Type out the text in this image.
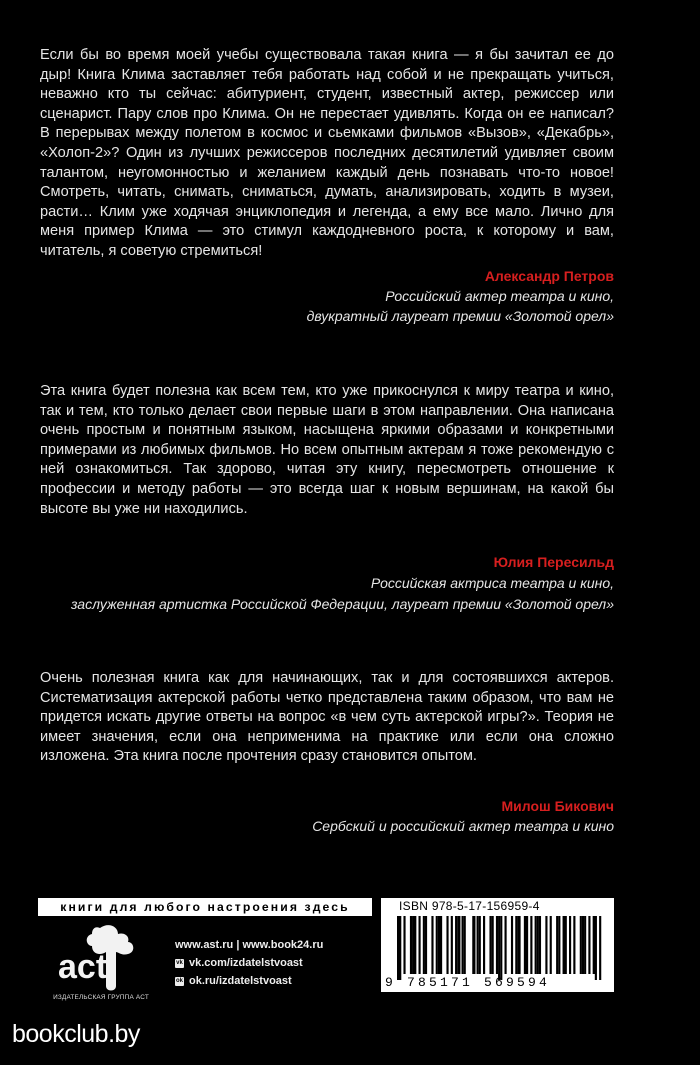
Если бы во время моей учебы существовала такая книга — я бы зачитал ее до дыр! Книга Клима заставляет тебя работать над собой и не прекращать учиться, неважно кто ты сейчас: абитуриент, студент, известный актер, режиссер или сценарист. Пару слов про Клима. Он не перестает удивлять. Когда он ее написал? В перерывах между полетом в космос и сьемками фильмов «Вызов», «Декабрь», «Холоп-2»? Один из лучших режиссеров последних десятилетий удивляет своим талантом, неугомонностью и желанием каждый день познавать что-то новое! Смотреть, читать, снимать, сниматься, думать, анализировать, ходить в музеи, расти… Клим уже ходячая энциклопедия и легенда, а ему все мало. Лично для меня пример Клима — это стимул каждодневного роста, к которому и вам, читатель, я советую стремиться!

Александр Петров
Российский актер театра и кино,
двукратный лауреат премии «Золотой орел»

Эта книга будет полезна как всем тем, кто уже прикоснулся к миру театра и кино, так и тем, кто только делает свои первые шаги в этом направлении. Она написана очень простым и понятным языком, насыщена яркими образами и конкретными примерами из любимых фильмов. Но всем опытным актерам я тоже рекомендую с ней ознакомиться. Так здорово, читая эту книгу, пересмотреть отношение к профессии и методу работы — это всегда шаг к новым вершинам, на какой бы высоте вы уже ни находились.

Юлия Пересильд
Российская актриса театра и кино,
заслуженная артистка Российской Федерации, лауреат премии «Золотой орел»

Очень полезная книга как для начинающих, так и для состоявшихся актеров. Систематизация актерской работы четко представлена таким образом, что вам не придется искать другие ответы на вопрос «в чем суть актерской игры?». Теория не имеет значения, если она неприменима на практике или если она сложно изложена. Эта книга после прочтения сразу становится опытом.

Милош Бикович
Сербский и российский актер театра и кино
книги для любого настроения здесь
act
ИЗДАТЕЛЬСКАЯ ГРУППА АСТ
www.ast.ru | www.book24.ru
vk vk.com/izdatelstvoast
ok ok.ru/izdatelstvoast
ISBN 978-5-17-156959-4
9 785171 569594
bookclub.by
